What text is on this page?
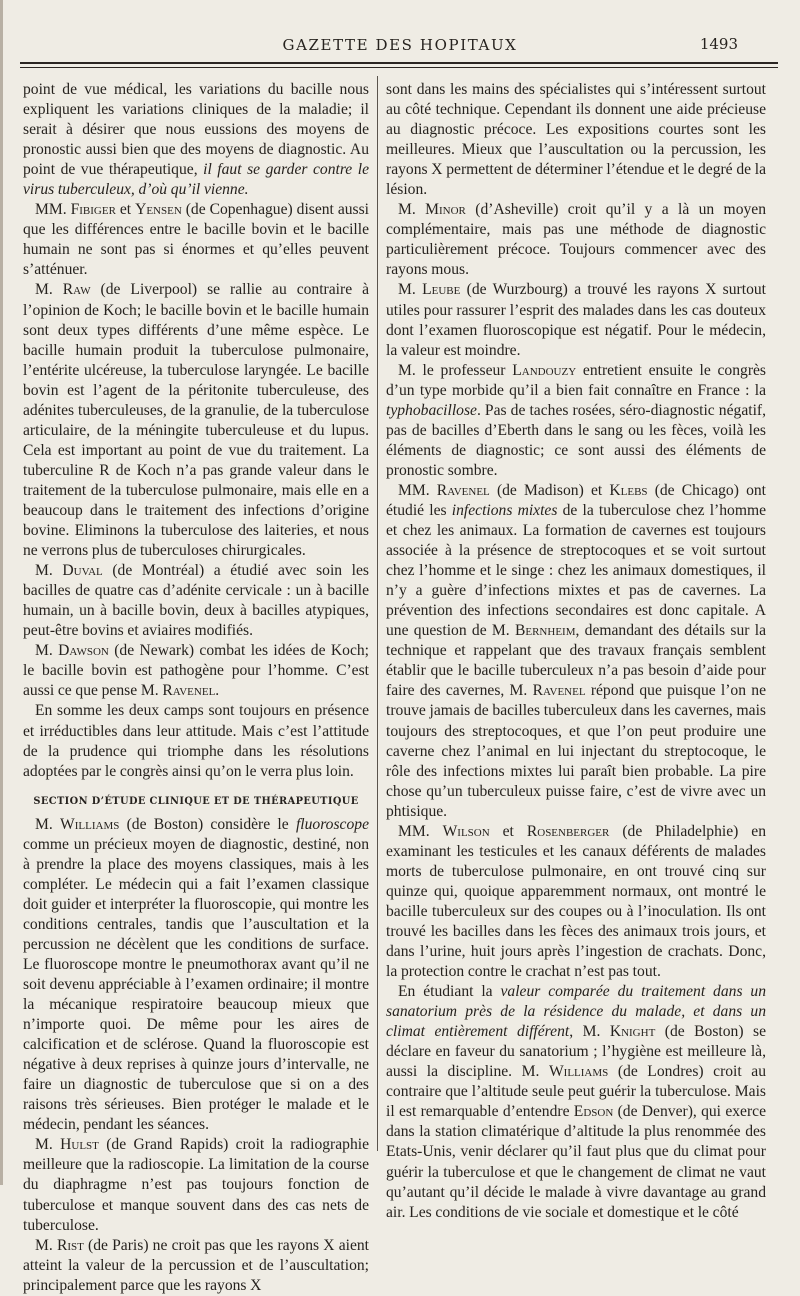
GAZETTE DES HOPITAUX	1493

point de vue médical, les variations du bacille nous expliquent les variations cliniques de la maladie; il serait à désirer que nous eussions des moyens de pronostic aussi bien que des moyens de diagnostic. Au point de vue thérapeutique, il faut se garder contre le virus tuberculeux, d’où qu’il vienne.

MM. Fibiger et Yensen (de Copenhague) disent aussi que les différences entre le bacille bovin et le bacille humain ne sont pas si énormes et qu’elles peuvent s’atténuer.

M. Raw (de Liverpool) se rallie au contraire à l’opinion de Koch; le bacille bovin et le bacille humain sont deux types différents d’une même espèce. Le bacille humain produit la tuberculose pulmonaire, l’entérite ulcéreuse, la tuberculose laryngée. Le bacille bovin est l’agent de la péritonite tuberculeuse, des adénites tuberculeuses, de la granulie, de la tuberculose articulaire, de la méningite tuberculeuse et du lupus. Cela est important au point de vue du traitement. La tuberculine R de Koch n’a pas grande valeur dans le traitement de la tuberculose pulmonaire, mais elle en a beaucoup dans le traitement des infections d’origine bovine. Eliminons la tuberculose des laiteries, et nous ne verrons plus de tuberculoses chirurgicales.

M. Duval (de Montréal) a étudié avec soin les bacilles de quatre cas d’adénite cervicale : un à bacille humain, un à bacille bovin, deux à bacilles atypiques, peut-être bovins et aviaires modifiés.

M. Dawson (de Newark) combat les idées de Koch; le bacille bovin est pathogène pour l’homme. C’est aussi ce que pense M. Ravenel.

En somme les deux camps sont toujours en présence et irréductibles dans leur attitude. Mais c’est l’attitude de la prudence qui triomphe dans les résolutions adoptées par le congrès ainsi qu’on le verra plus loin.

SECTION D’ÉTUDE CLINIQUE ET DE THÉRAPEUTIQUE

M. Williams (de Boston) considère le fluoroscope comme un précieux moyen de diagnostic, destiné, non à prendre la place des moyens classiques, mais à les compléter. Le médecin qui a fait l’examen classique doit guider et interpréter la fluoroscopie, qui montre les conditions centrales, tandis que l’auscultation et la percussion ne décèlent que les conditions de surface. Le fluoroscope montre le pneumothorax avant qu’il ne soit devenu appréciable à l’examen ordinaire; il montre la mécanique respiratoire beaucoup mieux que n’importe quoi. De même pour les aires de calcification et de sclérose. Quand la fluoroscopie est négative à deux reprises à quinze jours d’intervalle, ne faire un diagnostic de tuberculose que si on a des raisons très sérieuses. Bien protéger le malade et le médecin, pendant les séances.

M. Hulst (de Grand Rapids) croit la radiographie meilleure que la radioscopie. La limitation de la course du diaphragme n’est pas toujours fonction de tuberculose et manque souvent dans des cas nets de tuberculose.

M. Rist (de Paris) ne croit pas que les rayons X aient atteint la valeur de la percussion et de l’auscultation; principalement parce que les rayons X

sont dans les mains des spécialistes qui s’intéressent surtout au côté technique. Cependant ils donnent une aide précieuse au diagnostic précoce. Les expositions courtes sont les meilleures. Mieux que l’auscultation ou la percussion, les rayons X permettent de déterminer l’étendue et le degré de la lésion.

M. Minor (d’Asheville) croit qu’il y a là un moyen complémentaire, mais pas une méthode de diagnostic particulièrement précoce. Toujours commencer avec des rayons mous.

M. Leube (de Wurzbourg) a trouvé les rayons X surtout utiles pour rassurer l’esprit des malades dans les cas douteux dont l’examen fluoroscopique est négatif. Pour le médecin, la valeur est moindre.

M. le professeur Landouzy entretient ensuite le congrès d’un type morbide qu’il a bien fait connaître en France : la typhobacillose. Pas de taches rosées, séro-diagnostic négatif, pas de bacilles d’Eberth dans le sang ou les fèces, voilà les éléments de diagnostic; ce sont aussi des éléments de pronostic sombre.

MM. Ravenel (de Madison) et Klebs (de Chicago) ont étudié les infections mixtes de la tuberculose chez l’homme et chez les animaux. La formation de cavernes est toujours associée à la présence de streptocoques et se voit surtout chez l’homme et le singe : chez les animaux domestiques, il n’y a guère d’infections mixtes et pas de cavernes. La prévention des infections secondaires est donc capitale. A une question de M. Bernheim, demandant des détails sur la technique et rappelant que des travaux français semblent établir que le bacille tuberculeux n’a pas besoin d’aide pour faire des cavernes, M. Ravenel répond que puisque l’on ne trouve jamais de bacilles tuberculeux dans les cavernes, mais toujours des streptocoques, et que l’on peut produire une caverne chez l’animal en lui injectant du streptocoque, le rôle des infections mixtes lui paraît bien probable. La pire chose qu’un tuberculeux puisse faire, c’est de vivre avec un phtisique.

MM. Wilson et Rosenberger (de Philadelphie) en examinant les testicules et les canaux déférents de malades morts de tuberculose pulmonaire, en ont trouvé cinq sur quinze qui, quoique apparemment normaux, ont montré le bacille tuberculeux sur des coupes ou à l’inoculation. Ils ont trouvé les bacilles dans les fèces des animaux trois jours, et dans l’urine, huit jours après l’ingestion de crachats. Donc, la protection contre le crachat n’est pas tout.

En étudiant la valeur comparée du traitement dans un sanatorium près de la résidence du malade, et dans un climat entièrement différent, M. Knight (de Boston) se déclare en faveur du sanatorium ; l’hygiène est meilleure là, aussi la discipline. M. Williams (de Londres) croit au contraire que l’altitude seule peut guérir la tuberculose. Mais il est remarquable d’entendre Edson (de Denver), qui exerce dans la station climatérique d’altitude la plus renommée des Etats-Unis, venir déclarer qu’il faut plus que du climat pour guérir la tuberculose et que le changement de climat ne vaut qu’autant qu’il décide le malade à vivre davantage au grand air. Les conditions de vie sociale et domestique et le côté
